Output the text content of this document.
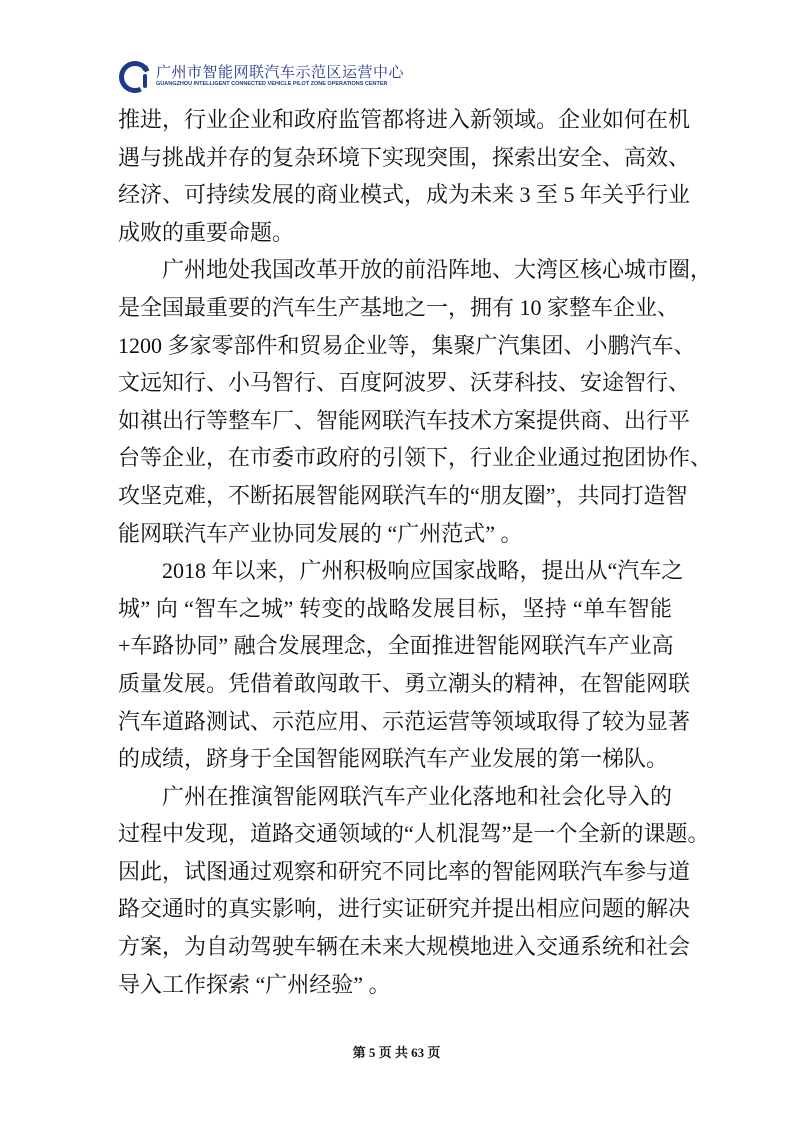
广州市智能网联汽车示范区运营中心
GUANGZHOU INTELLIGENT CONNECTED VEHICLE PILOT ZONE OPERATIONS CENTER
推进，行业企业和政府监管都将进入新领域。企业如何在机
遇与挑战并存的复杂环境下实现突围，探索出安全、高效、
经济、可持续发展的商业模式，成为未来 3 至 5 年关乎行业
成败的重要命题。
广州地处我国改革开放的前沿阵地、大湾区核心城市圈，
是全国最重要的汽车生产基地之一，拥有 10 家整车企业、
1200 多家零部件和贸易企业等，集聚广汽集团、小鹏汽车、
文远知行、小马智行、百度阿波罗、沃芽科技、安途智行、
如祺出行等整车厂、智能网联汽车技术方案提供商、出行平
台等企业，在市委市政府的引领下，行业企业通过抱团协作、
攻坚克难，不断拓展智能网联汽车的“朋友圈”，共同打造智
能网联汽车产业协同发展的 “广州范式” 。
2018 年以来，广州积极响应国家战略，提出从“汽车之
城” 向 “智车之城” 转变的战略发展目标，坚持 “单车智能
+车路协同” 融合发展理念，全面推进智能网联汽车产业高
质量发展。凭借着敢闯敢干、勇立潮头的精神，在智能网联
汽车道路测试、示范应用、示范运营等领域取得了较为显著
的成绩，跻身于全国智能网联汽车产业发展的第一梯队。
广州在推演智能网联汽车产业化落地和社会化导入的
过程中发现，道路交通领域的“人机混驾”是一个全新的课题。
因此，试图通过观察和研究不同比率的智能网联汽车参与道
路交通时的真实影响，进行实证研究并提出相应问题的解决
方案，为自动驾驶车辆在未来大规模地进入交通系统和社会
导入工作探索 “广州经验” 。
第 5 页 共 63 页
